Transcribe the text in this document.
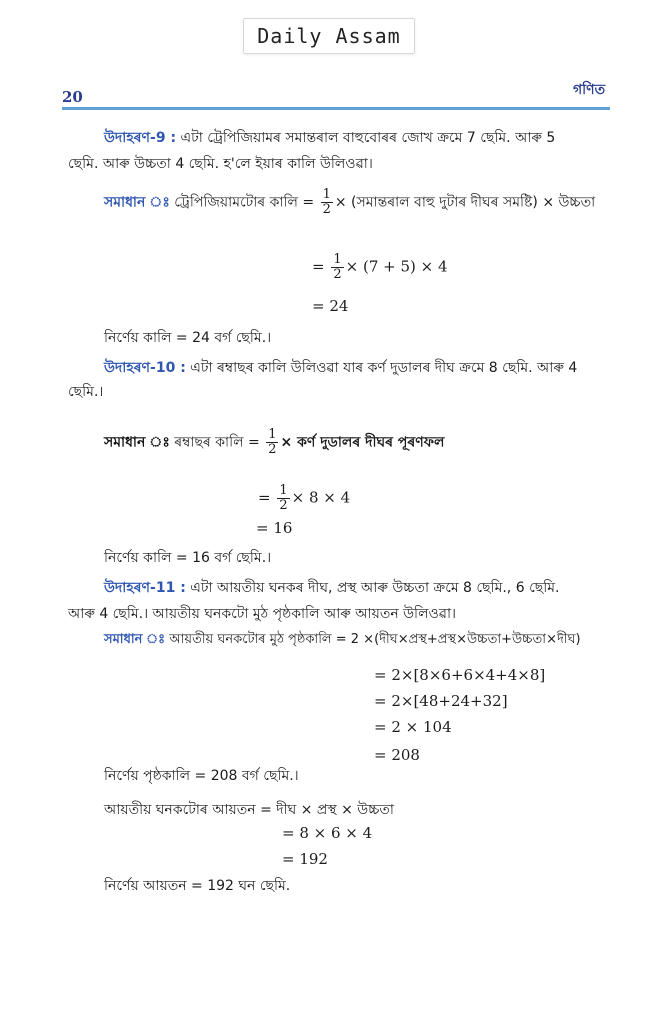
Daily Assam
20	গণিত
উদাহৰণ-9 : এটা ট্ৰেপিজিয়ামৰ সমান্তৰাল বাহুবোৰৰ জোখ ক্ৰমে 7 ছেমি. আৰু 5
ছেমি. আৰু উচ্চতা 4 ছেমি. হ'লে ইয়াৰ কালি উলিওৱা।
সমাধান ঃ ট্ৰেপিজিয়ামটোৰ কালি = $\frac{1}{2}$ × (সমান্তৰাল বাহু দুটাৰ দীঘৰ সমষ্টি) × উচ্চতা
= $\frac{1}{2} \times (7 + 5) \times 4$
= 24
নিৰ্ণেয় কালি = 24 বৰ্গ ছেমি.।
উদাহৰণ-10 : এটা ৰম্বাছৰ কালি উলিওৱা যাৰ কৰ্ণ দুডালৰ দীঘ ক্ৰমে 8 ছেমি. আৰু 4
ছেমি.।
সমাধান ঃ ৰম্বাছৰ কালি = $\frac{1}{2}$ × কৰ্ণ দুডালৰ দীঘৰ পূৰণফল
= $\frac{1}{2} \times 8 \times 4$
= 16
নিৰ্ণেয় কালি = 16 বৰ্গ ছেমি.।
উদাহৰণ-11 : এটা আয়তীয় ঘনকৰ দীঘ, প্ৰস্থ আৰু উচ্চতা ক্ৰমে 8 ছেমি., 6 ছেমি.
আৰু 4 ছেমি.। আয়তীয় ঘনকটো মুঠ পৃষ্ঠকালি আৰু আয়তন উলিওৱা।
সমাধান ঃ আয়তীয় ঘনকটোৰ মুঠ পৃষ্ঠকালি = 2 ×(দীঘ×প্ৰস্থ+প্ৰস্থ×উচ্চতা+উচ্চতা×দীঘ)
= 2×[8×6+6×4+4×8]
= 2×[48+24+32]
= 2 × 104
= 208
নিৰ্ণেয় পৃষ্ঠকালি = 208 বৰ্গ ছেমি.।
আয়তীয় ঘনকটোৰ আয়তন = দীঘ × প্ৰস্থ × উচ্চতা
= 8 × 6 × 4
= 192
নিৰ্ণেয় আয়তন = 192 ঘন ছেমি.
